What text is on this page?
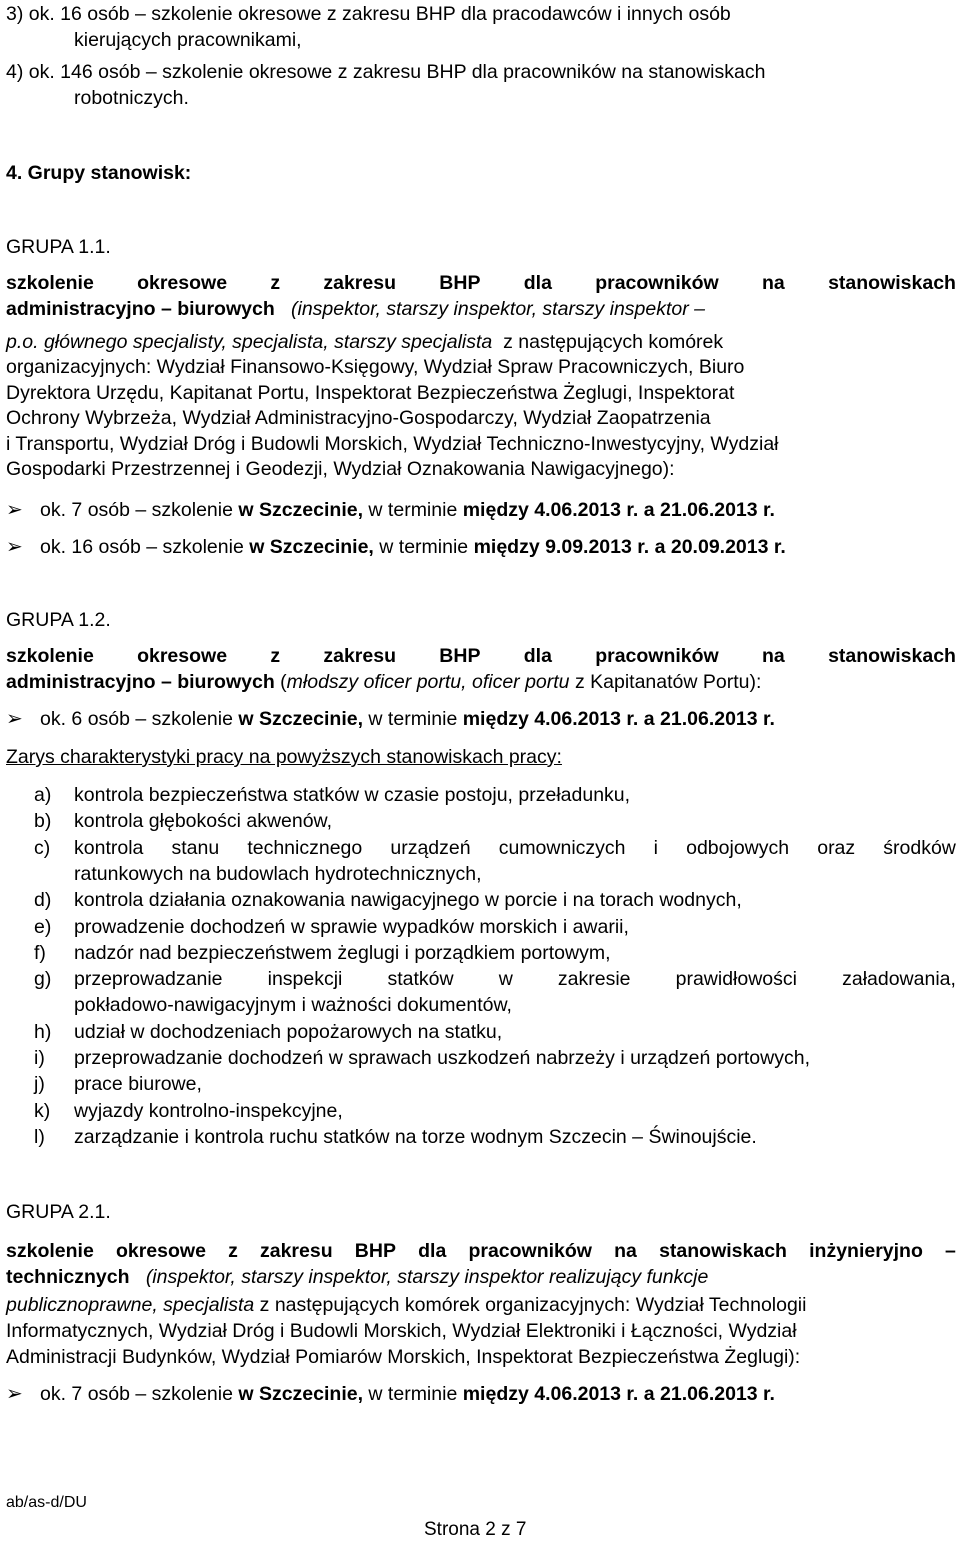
3) ok. 16 osób – szkolenie okresowe z zakresu BHP dla pracodawców i innych osób
kierujących pracownikami,
4) ok. 146 osób – szkolenie okresowe z zakresu BHP dla pracowników na stanowiskach
robotniczych.
4. Grupy stanowisk:
GRUPA 1.1.
szkolenie okresowe z zakresu BHP dla pracowników na stanowiskach
administracyjno – biurowych (inspektor, starszy inspektor, starszy inspektor –
p.o. głównego specjalisty, specjalista, starszy specjalista z następujących komórek
organizacyjnych: Wydział Finansowo-Księgowy, Wydział Spraw Pracowniczych, Biuro
Dyrektora Urzędu, Kapitanat Portu, Inspektorat Bezpieczeństwa Żeglugi, Inspektorat
Ochrony Wybrzeża, Wydział Administracyjno-Gospodarczy, Wydział Zaopatrzenia
i Transportu, Wydział Dróg i Budowli Morskich, Wydział Techniczno-Inwestycyjny, Wydział
Gospodarki Przestrzennej i Geodezji, Wydział Oznakowania Nawigacyjnego):
➢ ok. 7 osób – szkolenie w Szczecinie, w terminie między 4.06.2013 r. a 21.06.2013 r.
➢ ok. 16 osób – szkolenie w Szczecinie, w terminie między 9.09.2013 r. a 20.09.2013 r.
GRUPA 1.2.
szkolenie okresowe z zakresu BHP dla pracowników na stanowiskach
administracyjno – biurowych (młodszy oficer portu, oficer portu z Kapitanatów Portu):
➢ ok. 6 osób – szkolenie w Szczecinie, w terminie między 4.06.2013 r. a 21.06.2013 r.
Zarys charakterystyki pracy na powyższych stanowiskach pracy:
a) kontrola bezpieczeństwa statków w czasie postoju, przeładunku,
b) kontrola głębokości akwenów,
c) kontrola stanu technicznego urządzeń cumowniczych i odbojowych oraz środków
ratunkowych na budowlach hydrotechnicznych,
d) kontrola działania oznakowania nawigacyjnego w porcie i na torach wodnych,
e) prowadzenie dochodzeń w sprawie wypadków morskich i awarii,
f) nadzór nad bezpieczeństwem żeglugi i porządkiem portowym,
g) przeprowadzanie inspekcji statków w zakresie prawidłowości załadowania,
pokładowo-nawigacyjnym i ważności dokumentów,
h) udział w dochodzeniach popożarowych na statku,
i) przeprowadzanie dochodzeń w sprawach uszkodzeń nabrzeży i urządzeń portowych,
j) prace biurowe,
k) wyjazdy kontrolno-inspekcyjne,
l) zarządzanie i kontrola ruchu statków na torze wodnym Szczecin – Świnoujście.
GRUPA 2.1.
szkolenie okresowe z zakresu BHP dla pracowników na stanowiskach inżynieryjno –
technicznych (inspektor, starszy inspektor, starszy inspektor realizujący funkcje
publicznoprawne, specjalista z następujących komórek organizacyjnych: Wydział Technologii
Informatycznych, Wydział Dróg i Budowli Morskich, Wydział Elektroniki i Łączności, Wydział
Administracji Budynków, Wydział Pomiarów Morskich, Inspektorat Bezpieczeństwa Żeglugi):
➢ ok. 7 osób – szkolenie w Szczecinie, w terminie między 4.06.2013 r. a 21.06.2013 r.
ab/as-d/DU
Strona 2 z 7
